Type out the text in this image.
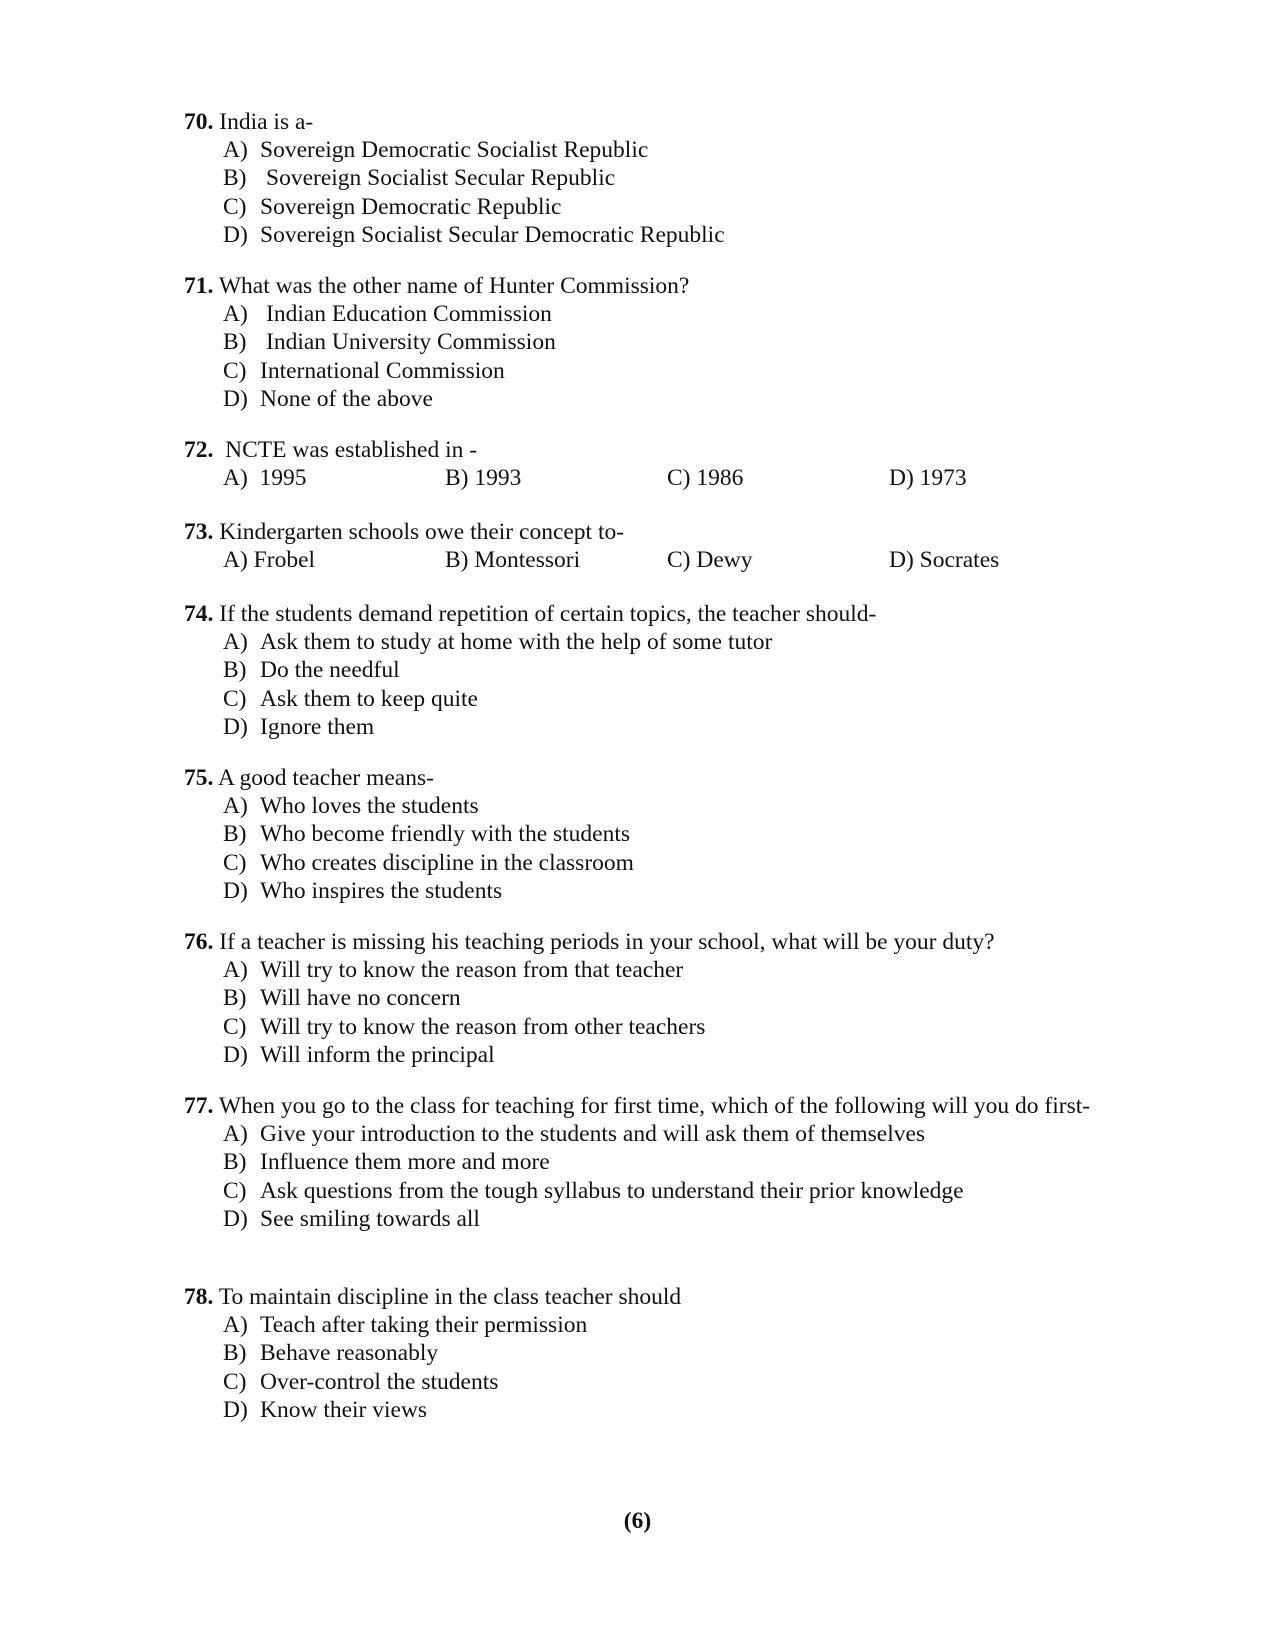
70. India is a-
A) Sovereign Democratic Socialist Republic
B) Sovereign Socialist Secular Republic
C) Sovereign Democratic Republic
D) Sovereign Socialist Secular Democratic Republic
71. What was the other name of Hunter Commission?
A) Indian Education Commission
B) Indian University Commission
C) International Commission
D) None of the above
72. NCTE was established in -
A) 1995	B) 1993	C) 1986	D) 1973
73. Kindergarten schools owe their concept to-
A) Frobel	B) Montessori	C) Dewy	D) Socrates
74. If the students demand repetition of certain topics, the teacher should-
A) Ask them to study at home with the help of some tutor
B) Do the needful
C) Ask them to keep quite
D) Ignore them
75. A good teacher means-
A) Who loves the students
B) Who become friendly with the students
C) Who creates discipline in the classroom
D) Who inspires the students
76. If a teacher is missing his teaching periods in your school, what will be your duty?
A) Will try to know the reason from that teacher
B) Will have no concern
C) Will try to know the reason from other teachers
D) Will inform the principal
77. When you go to the class for teaching for first time, which of the following will you do first-
A) Give your introduction to the students and will ask them of themselves
B) Influence them more and more
C) Ask questions from the tough syllabus to understand their prior knowledge
D) See smiling towards all
78. To maintain discipline in the class teacher should
A) Teach after taking their permission
B) Behave reasonably
C) Over-control the students
D) Know their views
(6)
